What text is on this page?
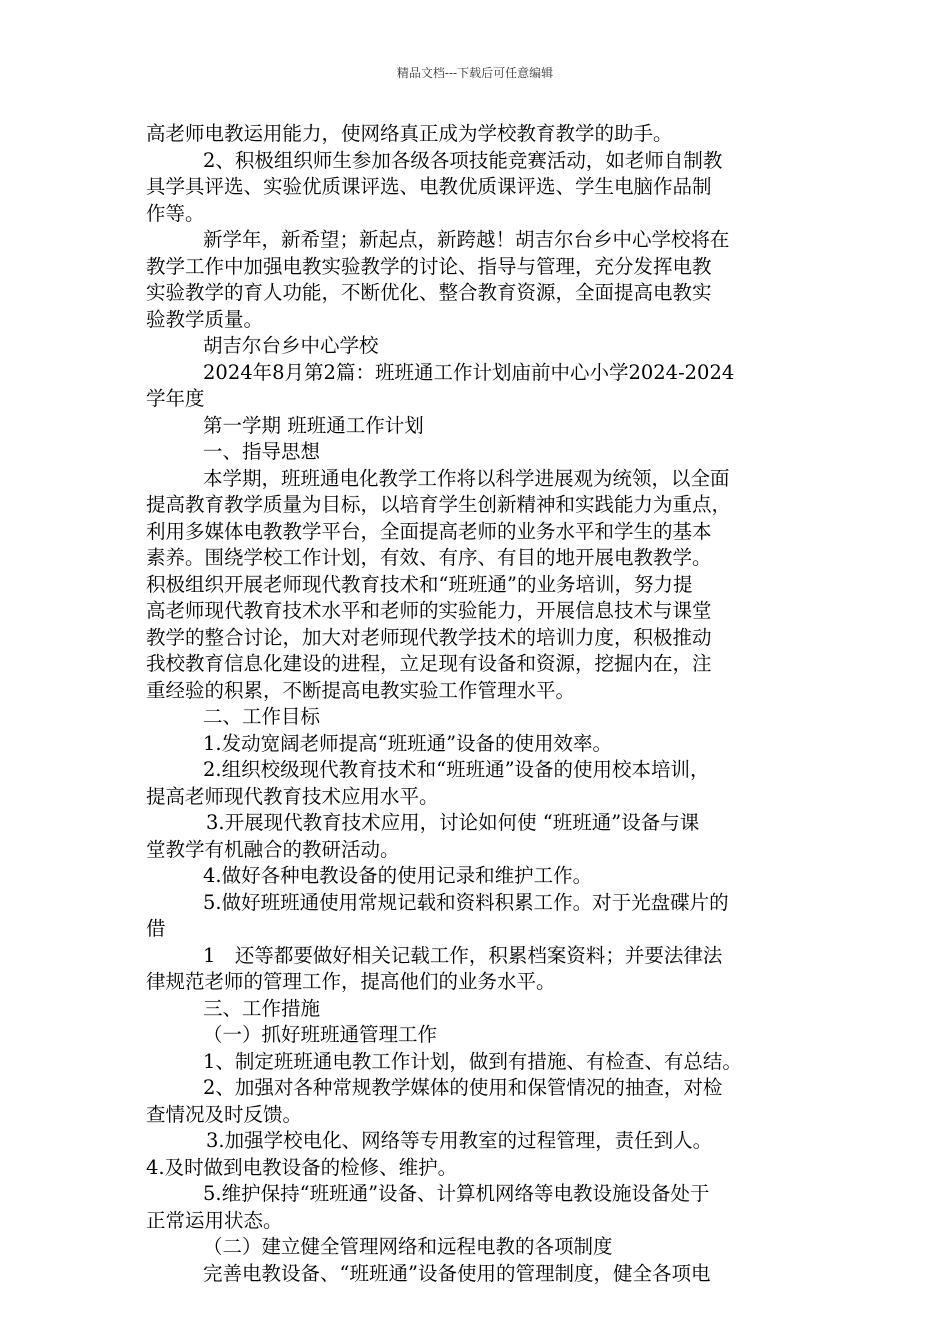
精品文档---下载后可任意编辑

高老师电教运用能力，使网络真正成为学校教育教学的助手。

2、积极组织师生参加各级各项技能竞赛活动，如老师自制教

具学具评选、实验优质课评选、电教优质课评选、学生电脑作品制

作等。

新学年，新希望；新起点，新跨越！胡吉尔台乡中心学校将在

教学工作中加强电教实验教学的讨论、指导与管理，充分发挥电教

实验教学的育人功能，不断优化、整合教育资源，全面提高电教实

验教学质量。

胡吉尔台乡中心学校

2024年8月第2篇：班班通工作计划庙前中心小学2024-2024

学年度

第一学期 班班通工作计划

一、指导思想

本学期，班班通电化教学工作将以科学进展观为统领，以全面

提高教育教学质量为目标，以培育学生创新精神和实践能力为重点，

利用多媒体电教教学平台，全面提高老师的业务水平和学生的基本

素养。围绕学校工作计划，有效、有序、有目的地开展电教教学。

积极组织开展老师现代教育技术和“班班通”的业务培训，努力提

高老师现代教育技术水平和老师的实验能力，开展信息技术与课堂

教学的整合讨论，加大对老师现代教学技术的培训力度，积极推动

我校教育信息化建设的进程，立足现有设备和资源，挖掘内在，注

重经验的积累，不断提高电教实验工作管理水平。

二、工作目标

1.发动宽阔老师提高“班班通”设备的使用效率。

2.组织校级现代教育技术和“班班通”设备的使用校本培训，

提高老师现代教育技术应用水平。

3.开展现代教育技术应用，讨论如何使 “班班通”设备与课

堂教学有机融合的教研活动。

4.做好各种电教设备的使用记录和维护工作。

5.做好班班通使用常规记载和资料积累工作。对于光盘碟片的

借

1　还等都要做好相关记载工作，积累档案资料；并要法律法

律规范老师的管理工作，提高他们的业务水平。

三、工作措施

（一）抓好班班通管理工作

1、制定班班通电教工作计划，做到有措施、有检查、有总结。

2、加强对各种常规教学媒体的使用和保管情况的抽查，对检

查情况及时反馈。

3.加强学校电化、网络等专用教室的过程管理，责任到人。

4.及时做到电教设备的检修、维护。

5.维护保持“班班通”设备、计算机网络等电教设施设备处于

正常运用状态。

（二）建立健全管理网络和远程电教的各项制度

完善电教设备、“班班通”设备使用的管理制度，健全各项电
